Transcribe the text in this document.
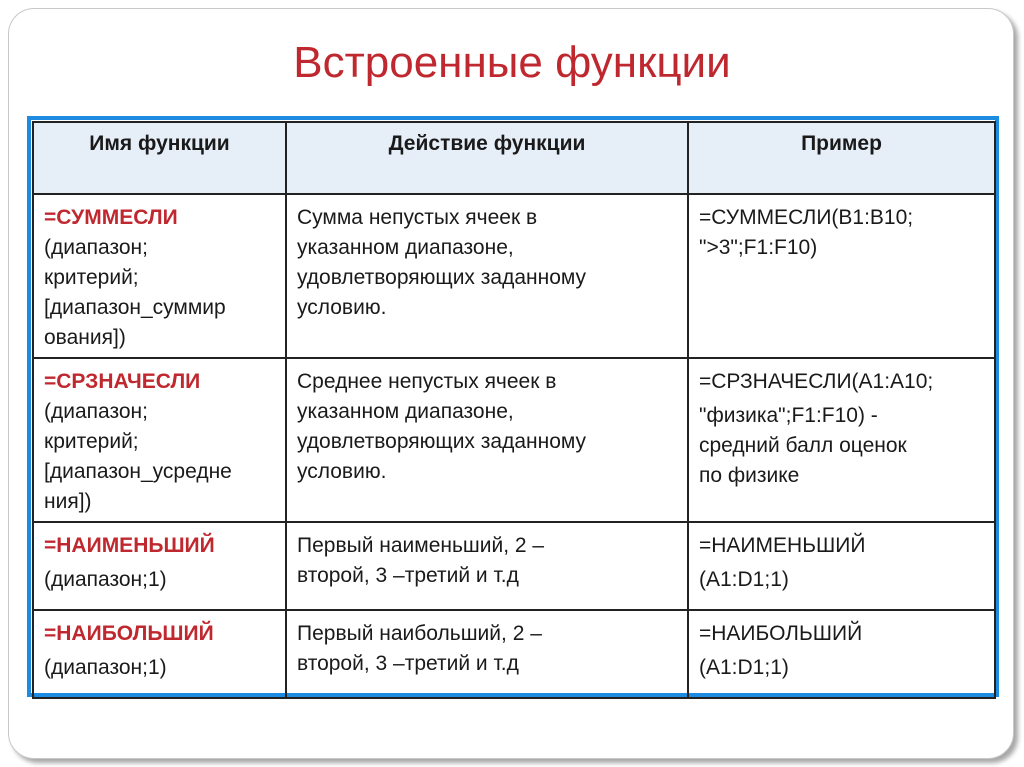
Встроенные функции
Имя функции	Действие функции	Пример

=СУММЕСЛИ
(диапазон;
критерий;
[диапазон_суммир
ования])	Сумма непустых ячеек в
указанном диапазоне,
удовлетворяющих заданному
условию.	=СУММЕСЛИ(B1:B10;
">3";F1:F10)

=СРЗНАЧЕСЛИ
(диапазон;
критерий;
[диапазон_усредне
ния])	Среднее непустых ячеек в
указанном диапазоне,
удовлетворяющих заданному
условию.	=СРЗНАЧЕСЛИ(A1:A10;
"физика";F1:F10) -
средний балл оценок
по физике

=НАИМЕНЬШИЙ
(диапазон;1)	Первый наименьший, 2 –
второй, 3 –третий и т.д	=НАИМЕНЬШИЙ
(A1:D1;1)

=НАИБОЛЬШИЙ
(диапазон;1)	Первый наибольший, 2 –
второй, 3 –третий и т.д	=НАИБОЛЬШИЙ
(A1:D1;1)
